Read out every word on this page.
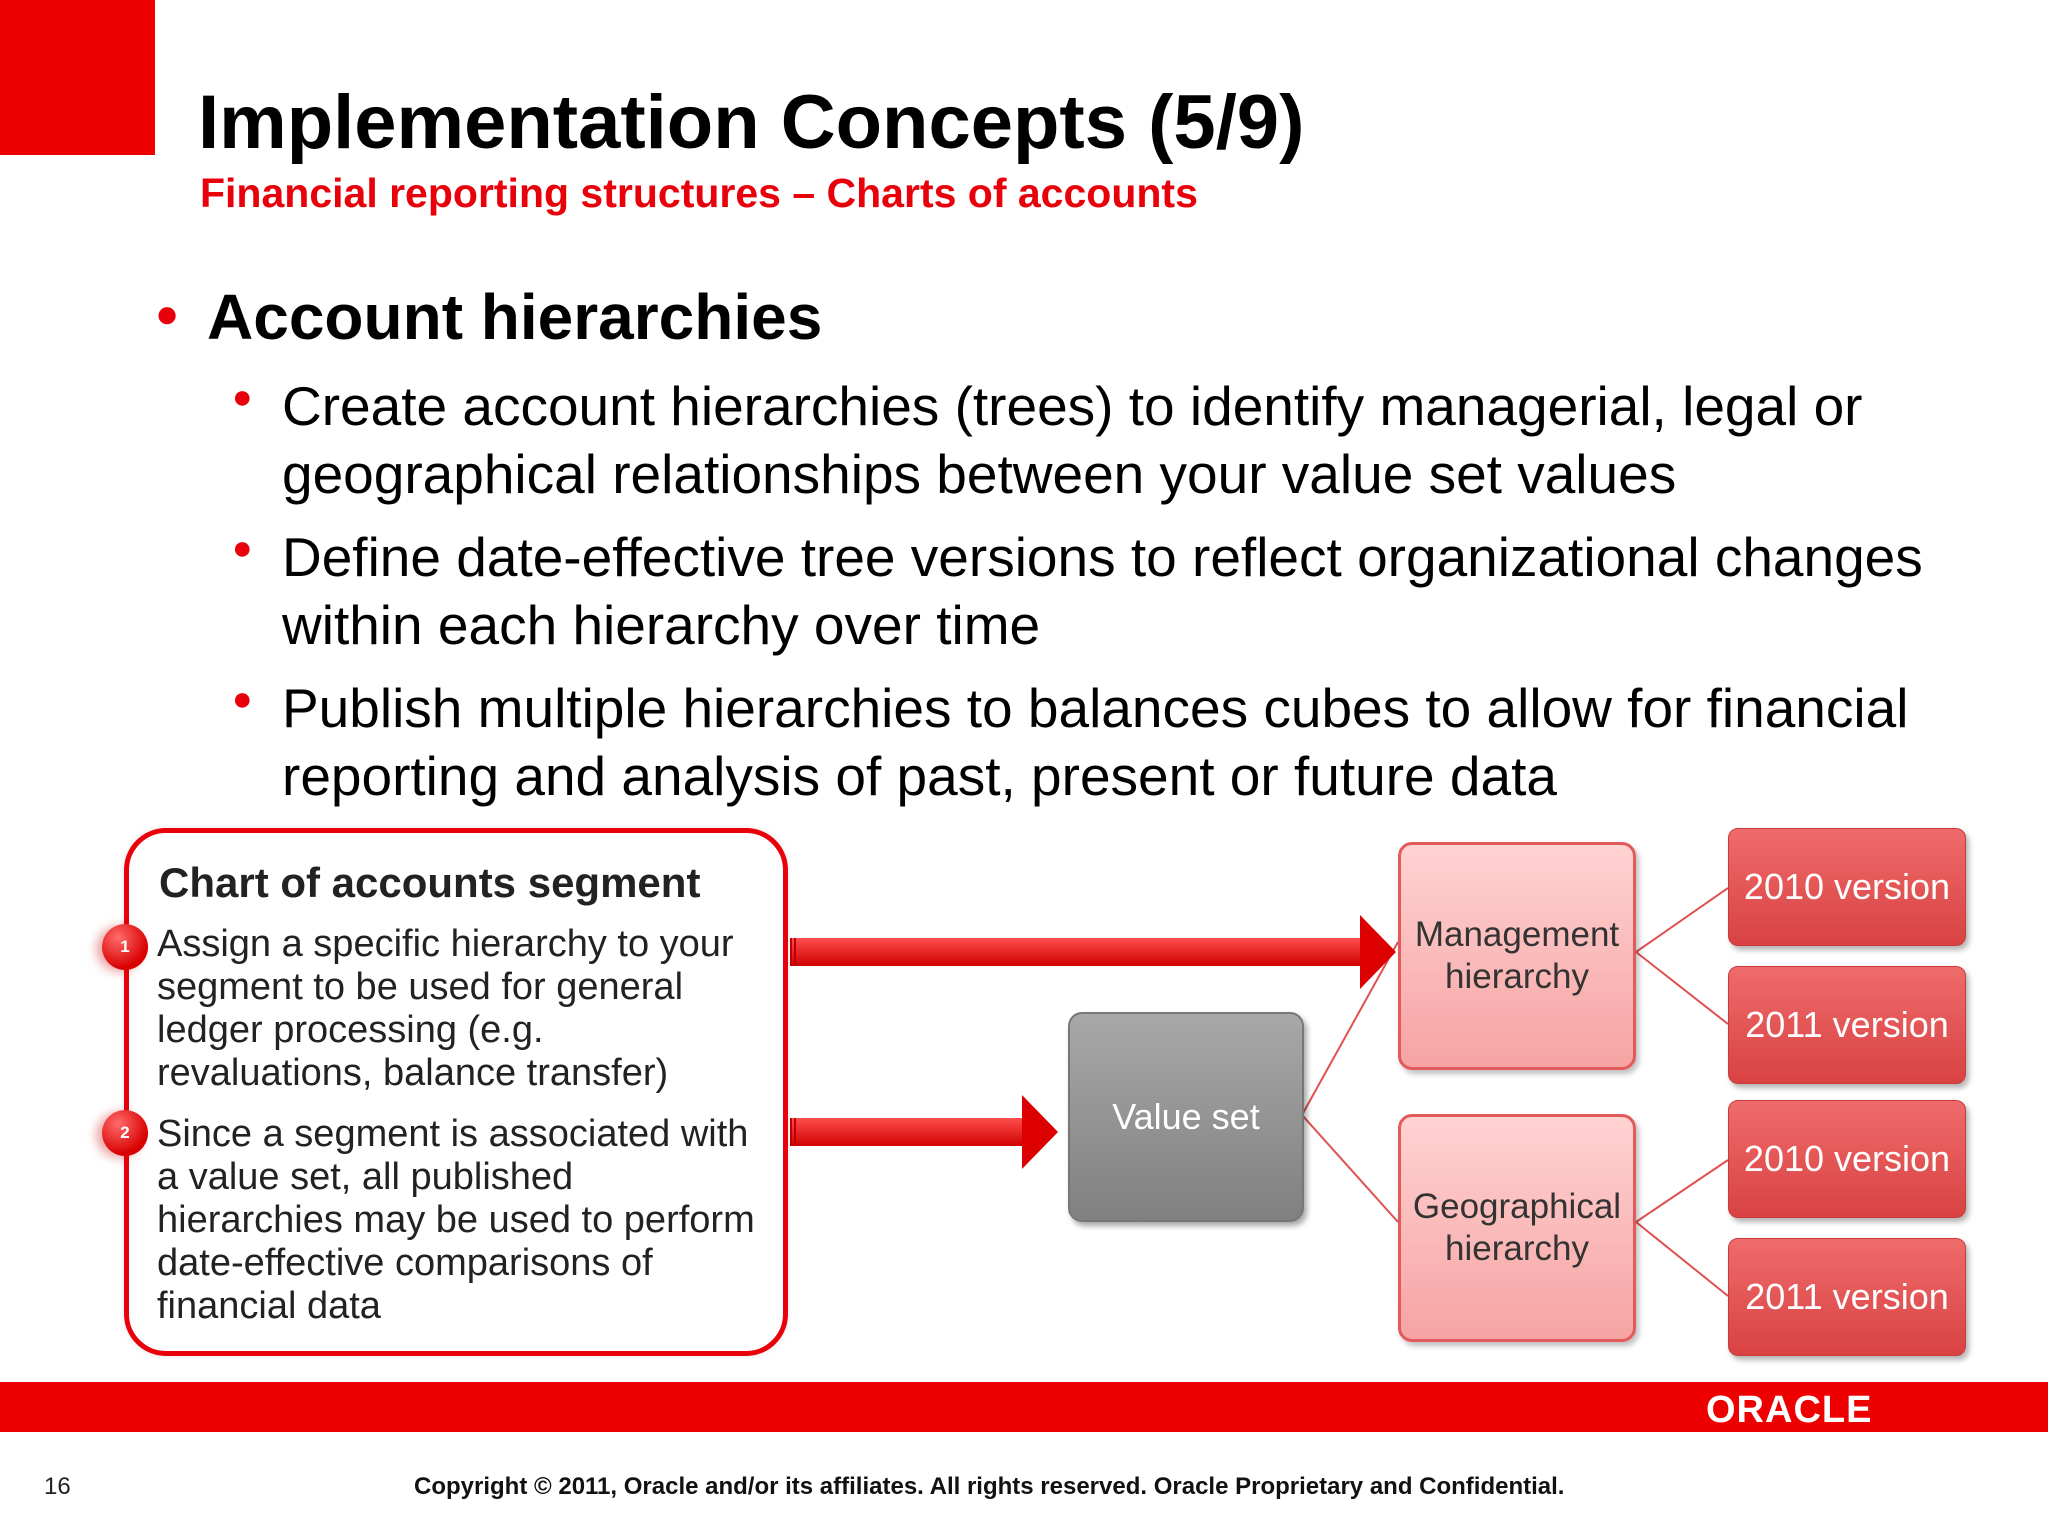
Implementation Concepts (5/9)
Financial reporting structures – Charts of accounts
● Account hierarchies
● Create account hierarchies (trees) to identify managerial, legal or geographical relationships between your value set values
● Define date-effective tree versions to reflect organizational changes within each hierarchy over time
● Publish multiple hierarchies to balances cubes to allow for financial reporting and analysis of past, present or future data
Chart of accounts segment
Assign a specific hierarchy to your segment to be used for general ledger processing (e.g. revaluations, balance transfer)
Since a segment is associated with a value set, all published hierarchies may be used to perform date-effective comparisons of financial data
1
2	Value set
Management hierarchy
Geographical hierarchy
2010 version
2011 version
2010 version
2011 version
ORACLE
16	Copyright © 2011, Oracle and/or its affiliates. All rights reserved. Oracle Proprietary and Confidential.
